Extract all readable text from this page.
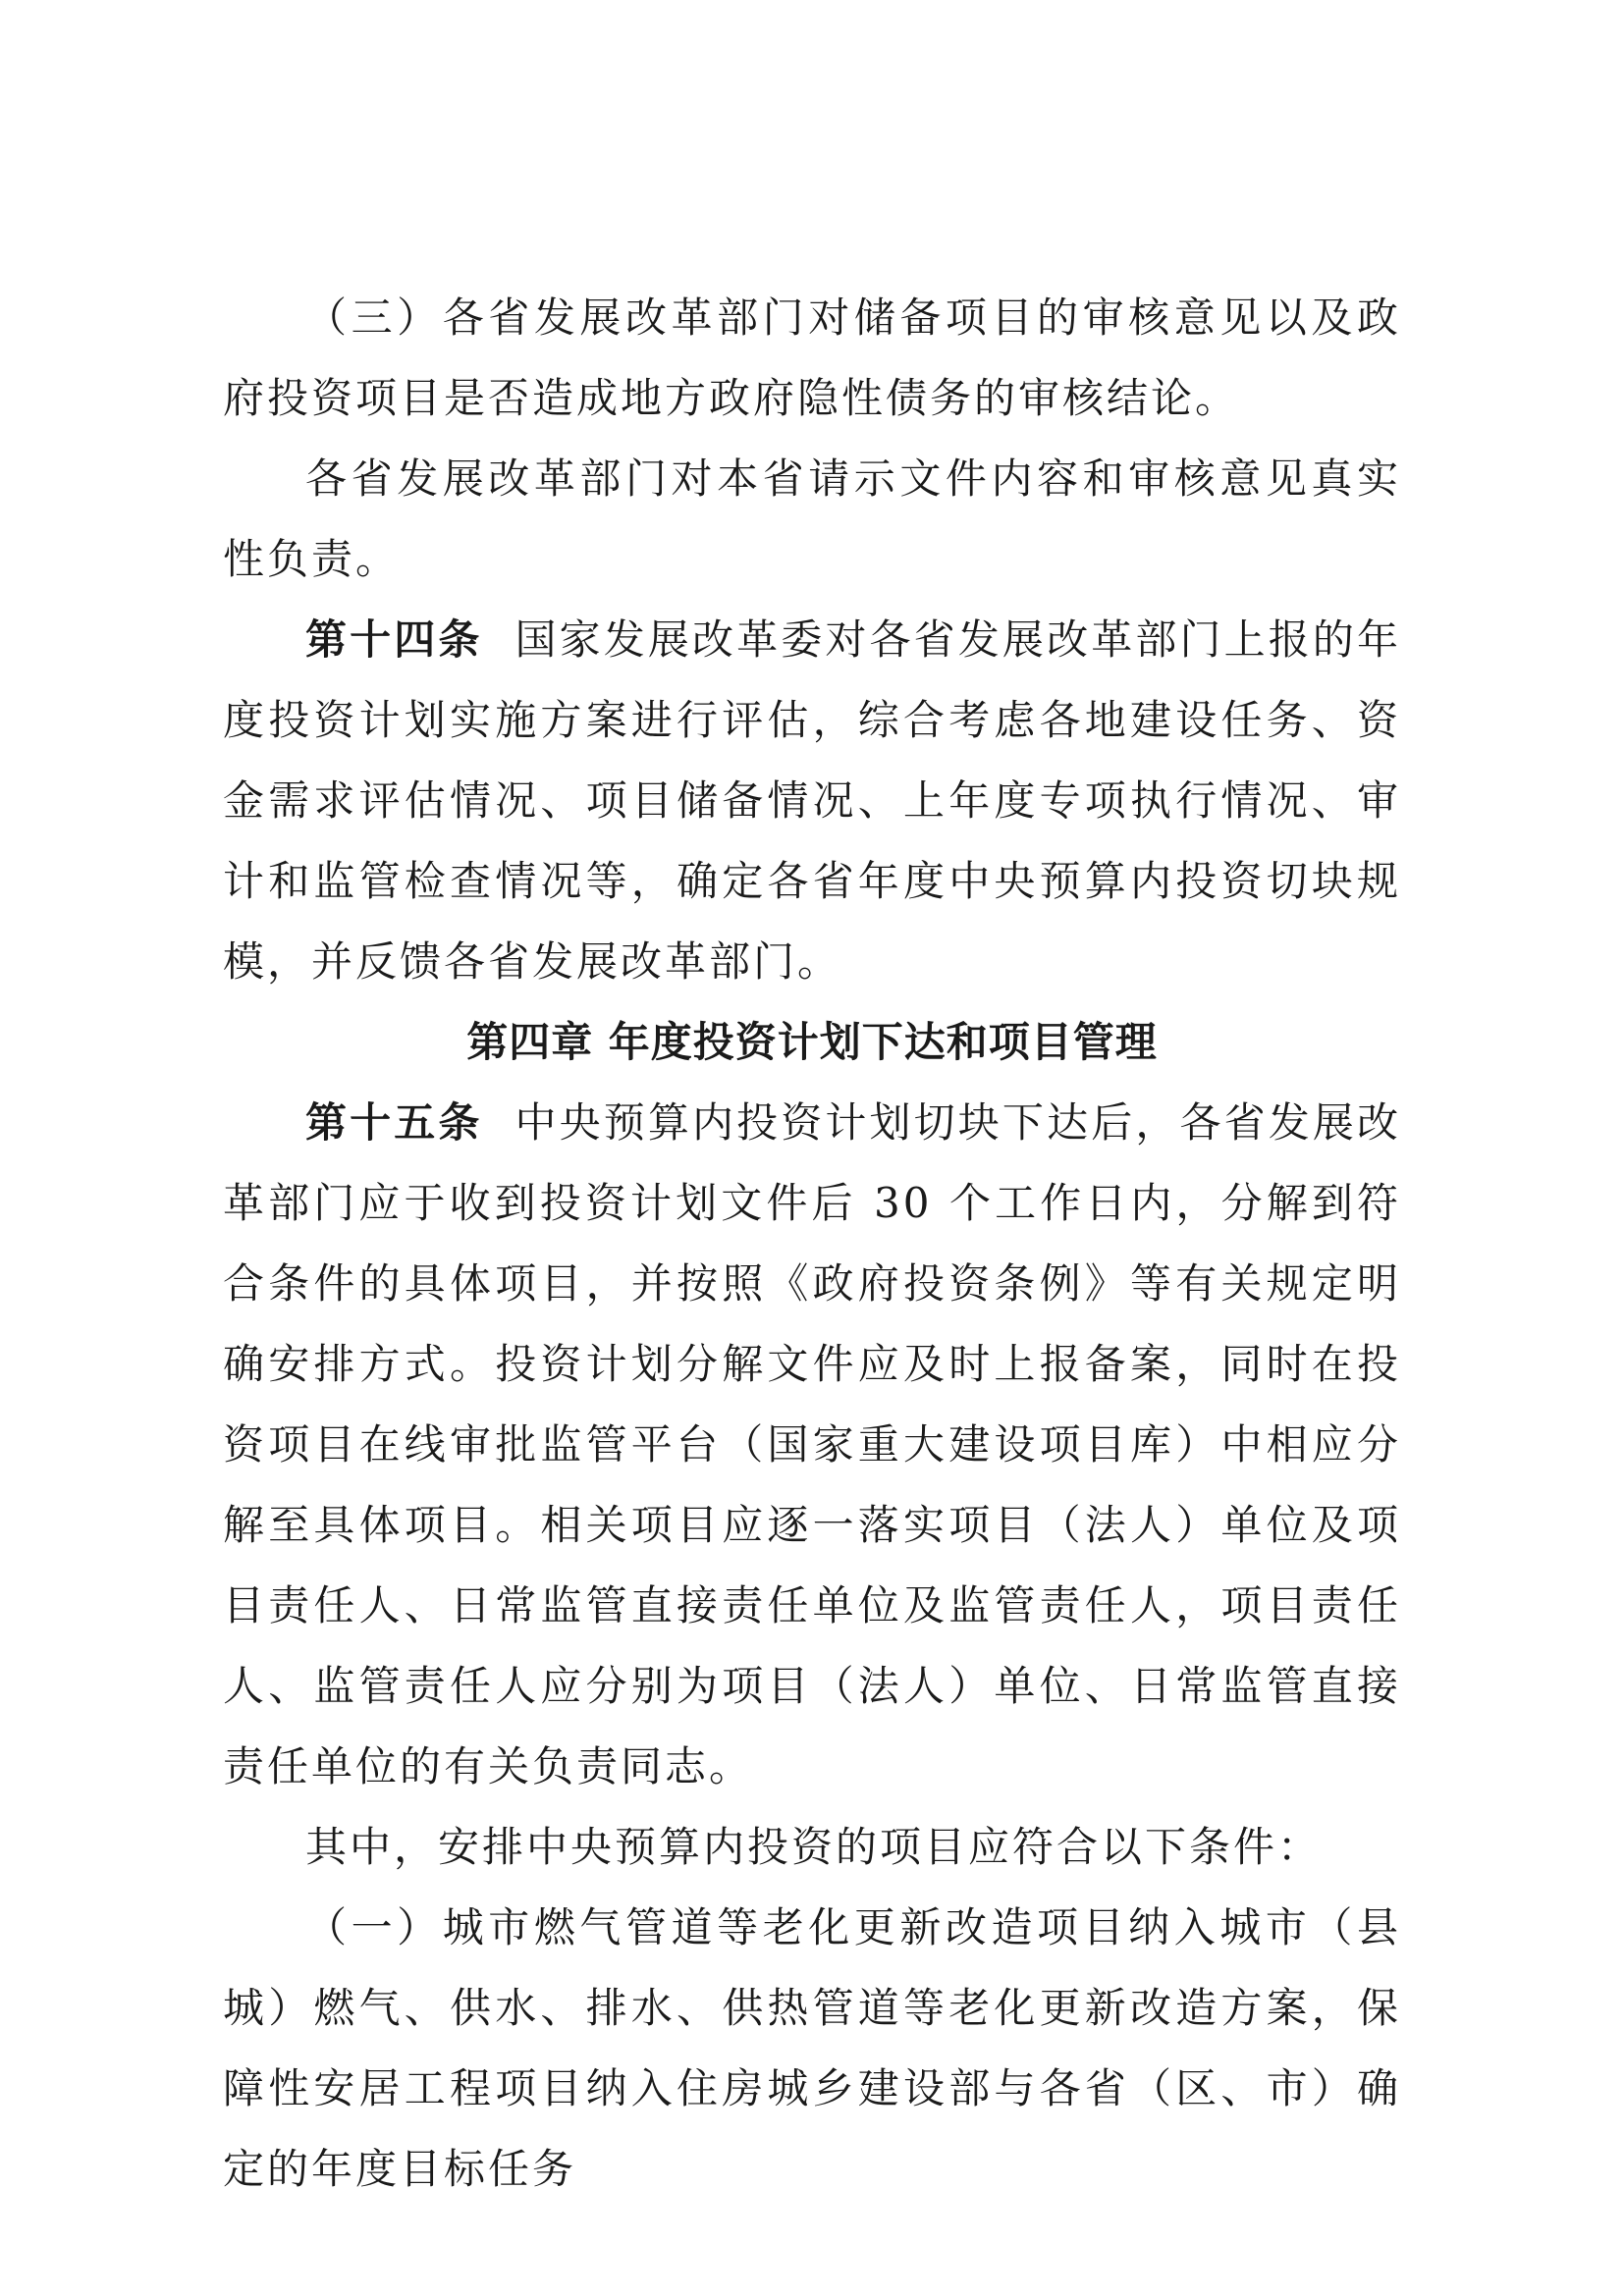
（三）各省发展改革部门对储备项目的审核意见以及政府投资项目是否造成地方政府隐性债务的审核结论。

各省发展改革部门对本省请示文件内容和审核意见真实性负责。

第十四条 国家发展改革委对各省发展改革部门上报的年度投资计划实施方案进行评估，综合考虑各地建设任务、资金需求评估情况、项目储备情况、上年度专项执行情况、审计和监管检查情况等，确定各省年度中央预算内投资切块规模，并反馈各省发展改革部门。

第四章 年度投资计划下达和项目管理

第十五条 中央预算内投资计划切块下达后，各省发展改革部门应于收到投资计划文件后 30 个工作日内，分解到符合条件的具体项目，并按照《政府投资条例》等有关规定明确安排方式。投资计划分解文件应及时上报备案，同时在投资项目在线审批监管平台（国家重大建设项目库）中相应分解至具体项目。相关项目应逐一落实项目（法人）单位及项目责任人、日常监管直接责任单位及监管责任人，项目责任人、监管责任人应分别为项目（法人）单位、日常监管直接责任单位的有关负责同志。

其中，安排中央预算内投资的项目应符合以下条件：

（一）城市燃气管道等老化更新改造项目纳入城市（县城）燃气、供水、排水、供热管道等老化更新改造方案，保障性安居工程项目纳入住房城乡建设部与各省（区、市）确定的年度目标任务
